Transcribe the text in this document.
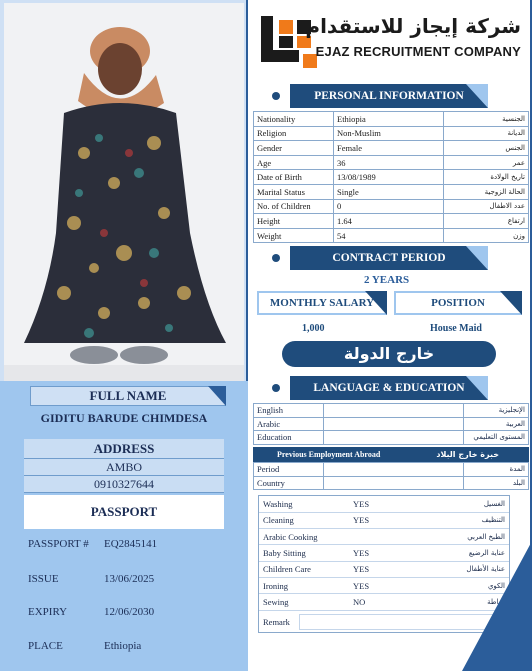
FULL NAME
GIDITU BARUDE CHIMDESA
ADDRESS
AMBO
0910327644
PASSPORT
PASSPORT # EQ2845141
ISSUE	13/06/2025
EXPIRY	12/06/2030
PLACE	Ethiopia
شركة إيجاز للاستقدام
EJAZ RECRUITMENT COMPANY
PERSONAL INFORMATION
Nationality	Ethiopia	الجنسية
Religion	Non-Muslim	الديانة
Gender	Female	الجنس
Age	36	عمر
Date of Birth	13/08/1989	تاريخ الولادة
Marital Status	Single	الحالة الزوجية
No. of Children	0	عدد الاطفال
Height	1.64	ارتفاع
Weight	54	وزن
CONTRACT PERIOD
2 YEARS
MONTHLY SALARY	POSITION
1,000	House Maid
خارج الدولة
LANGUAGE & EDUCATION
English		الإنجليزية
Arabic		العربية
Education		المستوى التعليمي
Previous Employment Abroad	خبرة خارج البلاد
Period		المدة
Country		البلد
Washing	YES	الغسيل
Cleaning	YES	التنظيف
Arabic Cooking		الطبخ العربي
Baby Sitting	YES	عناية الرضيع
Children Care	YES	عناية الأطفال
Ironing	YES	الكوي
Sewing	NO	خياطة
Remark
